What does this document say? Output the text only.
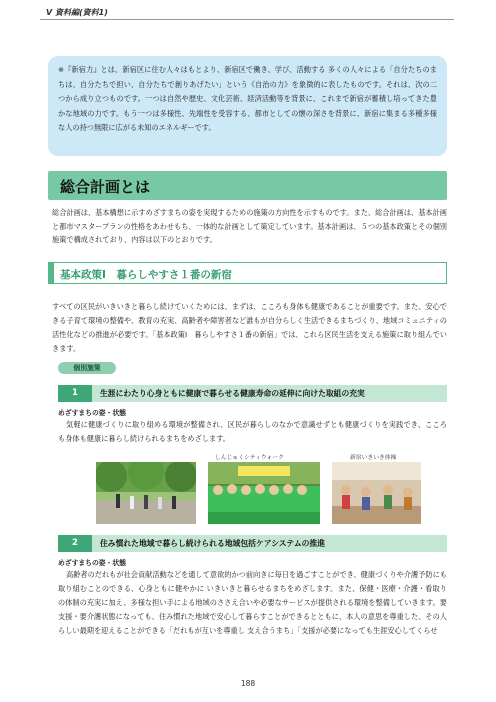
Ⅴ 資料編(資料1)
※『新宿力』とは、新宿区に住む人々はもとより、新宿区で働き、学び、活動する 多くの人々による「自分たちのまちは、自分たちで担い、自分たちで創りあげたい」という《自治の力》を象徴的に表したものです。それは、次の二つから成り立つものです。一つは自然や歴史、文化芸術、経済活動等を背景に、これまで新宿が蓄積し培ってきた豊かな地域の力です。もう一つは多様性、先端性を受容する、都市としての懐の深さを背景に、新宿に集まる多種多様な人の持つ無限に広がる未知のエネルギーです。
総合計画とは
総合計画は、基本構想に示すめざすまちの姿を実現するための施策の方向性を示すものです。また、総合計画は、基本計画と都市マスタープランの性格をあわせもち、一体的な計画として策定しています。基本計画は、５つの基本政策とその個別施策で構成されており、内容は以下のとおりです。
基本政策Ⅰ　暮らしやすさ１番の新宿
すべての区民がいきいきと暮らし続けていくためには、まずは、こころも身体も健康であることが重要です。また、安心できる子育て環境の整備や、教育の充実、高齢者や障害者など誰もが自分らしく生活できるまちづくり、地域コミュニティの活性化などの推進が必要です。「基本政策Ⅰ　暮らしやすさ１番の新宿」では、これら区民生活を支える施策に取り組んでいきます。
個別施策
1	生涯にわたり心身ともに健康で暮らせる健康寿命の延伸に向けた取組の充実
めざすまちの姿・状態
気軽に健康づくりに取り組める環境が整備され、区民が暮らしのなかで意識せずとも健康づくりを実践でき、こころも身体も健康に暮らし続けられるまちをめざします。
しんじゅくシティウォーク	新宿いきいき体操
2	住み慣れた地域で暮らし続けられる地域包括ケアシステムの推進
めざすまちの姿・状態
高齢者のだれもが社会貢献活動などを通して意欲的かつ前向きに毎日を過ごすことができ、健康づくりや介護予防にも取り組むことのできる、心身ともに健やかに いきいきと暮らせるまちをめざします。また、保健・医療・介護・看取りの体制の充実に加え、多様な担い手による地域のささえ合いや必要なサービスが提供される環境を整備していきます。要支援・要介護状態になっても、住み慣れた地域で安心して暮らすことができるとともに、本人の意思を尊重した、その人らしい最期を迎えることができる「だれもが互いを尊重し 支え合うまち」「支援が必要になっても生涯安心してくらせ
188
